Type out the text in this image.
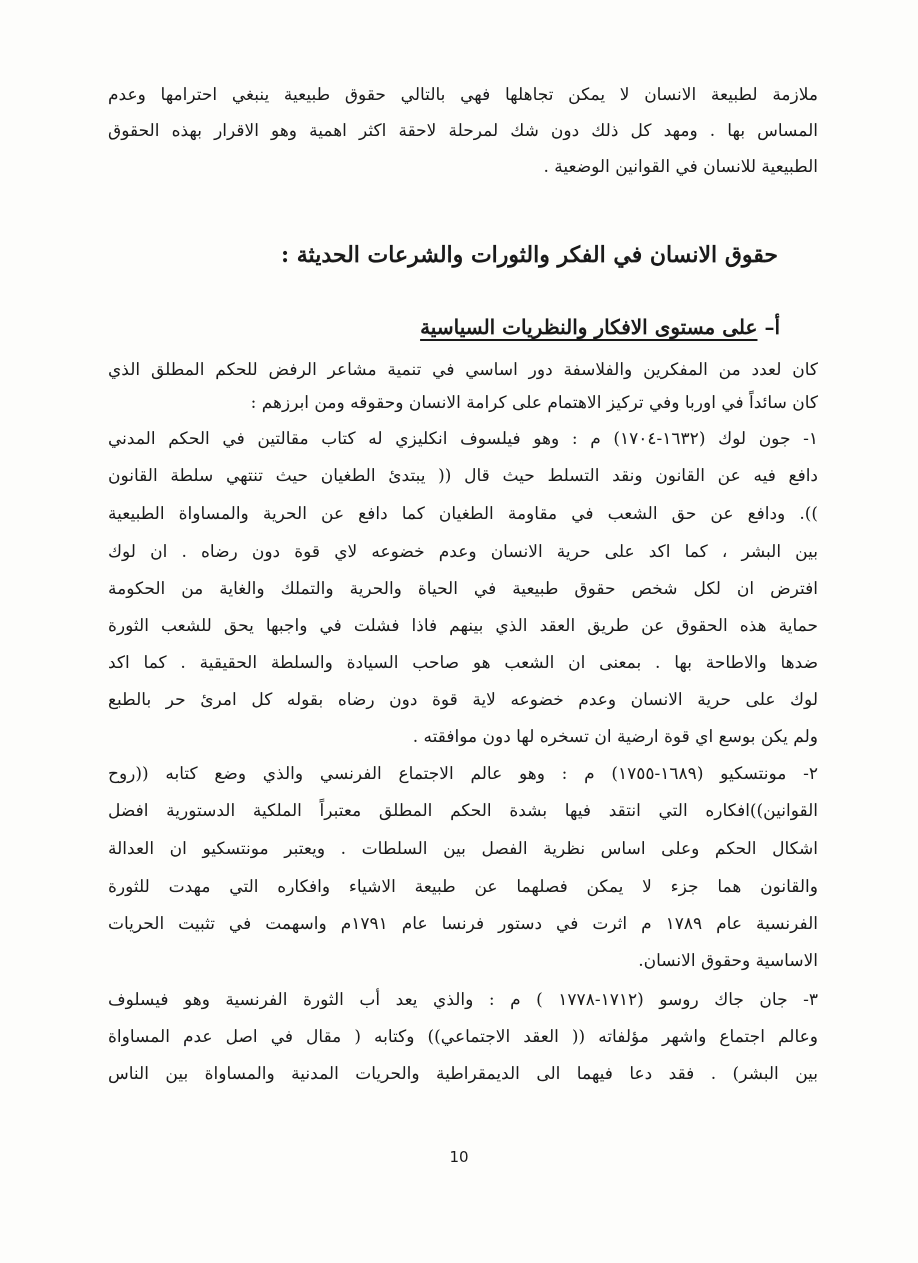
ملازمة لطبيعة الانسان لا يمكن تجاهلها فهي بالتالي حقوق طبيعية ينبغي احترامها وعدم
المساس بها . ومهد كل ذلك دون شك لمرحلة لاحقة اكثر اهمية وهو الاقرار بهذه الحقوق
الطبيعية للانسان في القوانين الوضعية .
حقوق الانسان في الفكر والثورات والشرعات الحديثة :
أ– على مستوى الافكار والنظريات السياسية
كان لعدد من المفكرين والفلاسفة دور اساسي في تنمية مشاعر الرفض للحكم المطلق الذي
كان سائداً في اوربا وفي تركيز الاهتمام على كرامة الانسان وحقوقه ومن ابرزهم :
١- جون لوك (١٦٣٢-١٧٠٤) م : وهو فيلسوف انكليزي له كتاب مقالتين في الحكم المدني
دافع فيه عن القانون ونقد التسلط حيث قال (( يبتدئ الطغيان حيث تنتهي سلطة القانون
)). ودافع عن حق الشعب في مقاومة الطغيان كما دافع عن الحرية والمساواة الطبيعية
بين البشر ، كما اكد على حرية الانسان وعدم خضوعه لاي قوة دون رضاه . ان لوك
افترض ان لكل شخص حقوق طبيعية في الحياة والحرية والتملك والغاية من الحكومة
حماية هذه الحقوق عن طريق العقد الذي بينهم فاذا فشلت في واجبها يحق للشعب الثورة
ضدها والاطاحة بها . بمعنى ان الشعب هو صاحب السيادة والسلطة الحقيقية . كما اكد
لوك على حرية الانسان وعدم خضوعه لاية قوة دون رضاه بقوله كل امرئ حر بالطبع
ولم يكن بوسع اي قوة ارضية ان تسخره لها دون موافقته .
٢- مونتسكيو (١٦٨٩-١٧٥٥) م : وهو عالم الاجتماع الفرنسي والذي وضع كتابه ((روح
القوانين))افكاره التي انتقد فيها بشدة الحكم المطلق معتبراً الملكية الدستورية افضل
اشكال الحكم وعلى اساس نظرية الفصل بين السلطات . ويعتبر مونتسكيو ان العدالة
والقانون هما جزء لا يمكن فصلهما عن طبيعة الاشياء وافكاره التي مهدت للثورة
الفرنسية عام ١٧٨٩ م اثرت في دستور فرنسا عام ١٧٩١م واسهمت في تثبيت الحريات
الاساسية وحقوق الانسان.
٣- جان جاك روسو (١٧١٢-١٧٧٨ ) م : والذي يعد أب الثورة الفرنسية وهو فيسلوف
وعالم اجتماع واشهر مؤلفاته (( العقد الاجتماعي)) وكتابه ( مقال في اصل عدم المساواة
بين البشر) . فقد دعا فيهما الى الديمقراطية والحريات المدنية والمساواة بين الناس
10
